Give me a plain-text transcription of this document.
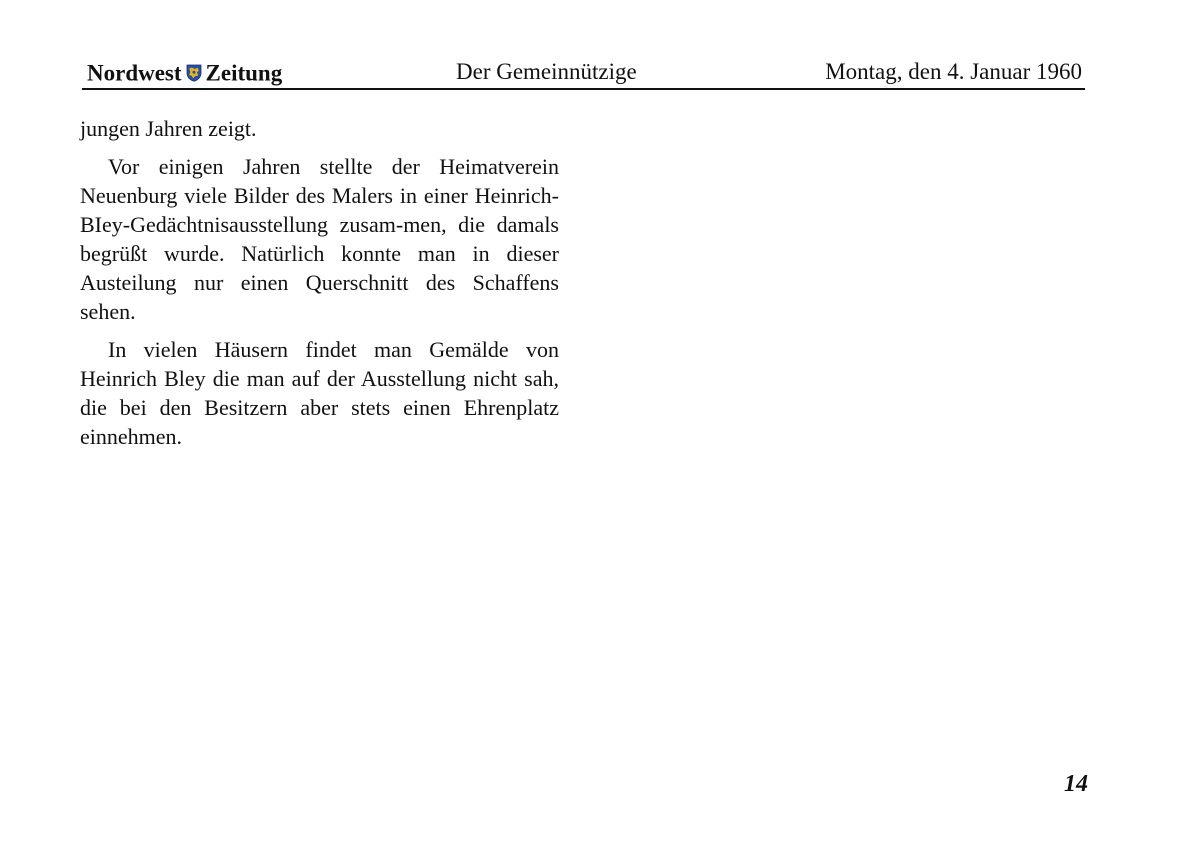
Nordwest Zeitung	Der Gemeinnützige	Montag, den 4. Januar 1960

jungen Jahren zeigt.

Vor einigen Jahren stellte der Heimatverein Neuenburg viele Bilder des Malers in einer Heinrich-BIey-Gedächtnisausstellung zusam-men, die damals begrüßt wurde. Natürlich konnte man in dieser Austeilung nur einen Querschnitt des Schaffens sehen.

In vielen Häusern findet man Gemälde von Heinrich Bley die man auf der Ausstellung nicht sah, die bei den Besitzern aber stets einen Ehrenplatz einnehmen.

14
